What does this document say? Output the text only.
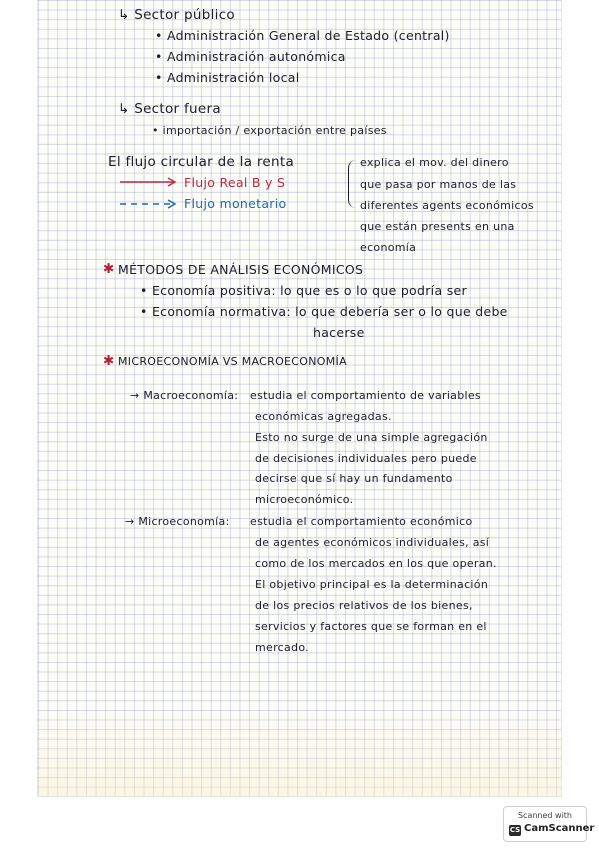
↳ Sector público
• Administración General de Estado (central)
• Administración autonómica
• Administración local
↳ Sector fuera
• importación / exportación entre países
El flujo circular de la renta
Flujo Real B y S
Flujo monetario
explica el mov. del dinero
que pasa por manos de las
diferentes agents económicos
que están presents en una
economía
✱ MÉTODOS DE ANÁLISIS ECONÓMICOS
• Economía positiva: lo que es o lo que podría ser
• Economía normativa: lo que debería ser o lo que debe
hacerse
✱ MICROECONOMÍA VS MACROECONOMÍA
→ Macroeconomía: estudia el comportamiento de variables
económicas agregadas.
Esto no surge de una simple agregación
de decisiones individuales pero puede
decirse que sí hay un fundamento
microeconómico.
→ Microeconomía: estudia el comportamiento económico
de agentes económicos individuales, así
como de los mercados en los que operan.
El objetivo principal es la determinación
de los precios relativos de los bienes,
servicios y factores que se forman en el
mercado.
Scanned with
CS CamScanner
